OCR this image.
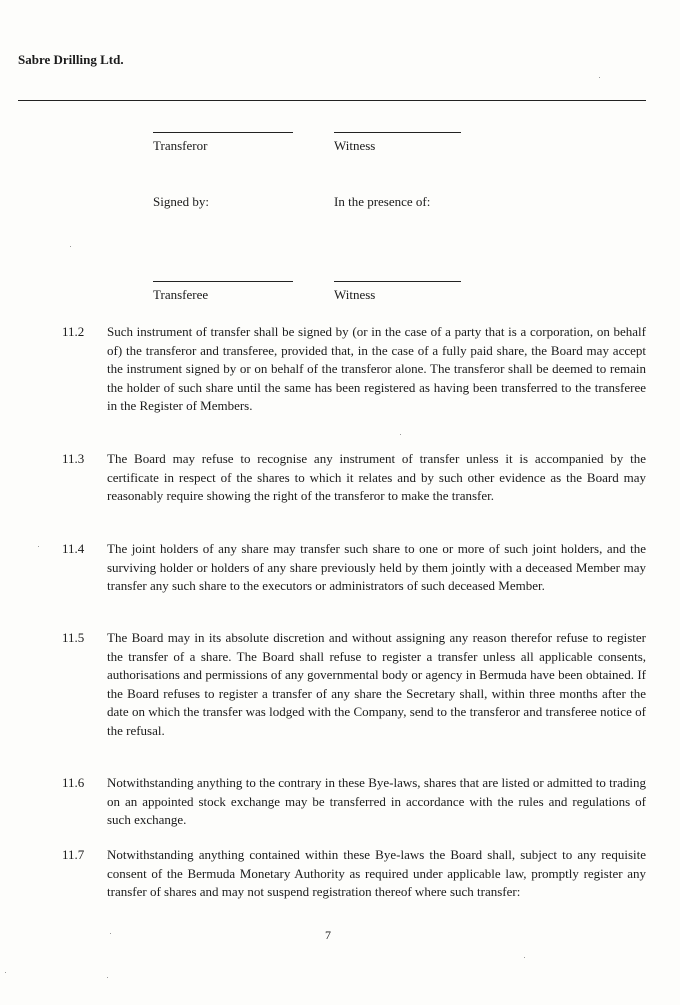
Sabre Drilling Ltd.
Transferor	Witness
Signed by:	In the presence of:
Transferee	Witness
11.2 Such instrument of transfer shall be signed by (or in the case of a party that is a corporation, on behalf of) the transferor and transferee, provided that, in the case of a fully paid share, the Board may accept the instrument signed by or on behalf of the transferor alone. The transferor shall be deemed to remain the holder of such share until the same has been registered as having been transferred to the transferee in the Register of Members.
11.3 The Board may refuse to recognise any instrument of transfer unless it is accompanied by the certificate in respect of the shares to which it relates and by such other evidence as the Board may reasonably require showing the right of the transferor to make the transfer.
11.4 The joint holders of any share may transfer such share to one or more of such joint holders, and the surviving holder or holders of any share previously held by them jointly with a deceased Member may transfer any such share to the executors or administrators of such deceased Member.
11.5 The Board may in its absolute discretion and without assigning any reason therefor refuse to register the transfer of a share. The Board shall refuse to register a transfer unless all applicable consents, authorisations and permissions of any governmental body or agency in Bermuda have been obtained. If the Board refuses to register a transfer of any share the Secretary shall, within three months after the date on which the transfer was lodged with the Company, send to the transferor and transferee notice of the refusal.
11.6 Notwithstanding anything to the contrary in these Bye-laws, shares that are listed or admitted to trading on an appointed stock exchange may be transferred in accordance with the rules and regulations of such exchange.
11.7 Notwithstanding anything contained within these Bye-laws the Board shall, subject to any requisite consent of the Bermuda Monetary Authority as required under applicable law, promptly register any transfer of shares and may not suspend registration thereof where such transfer:
7
